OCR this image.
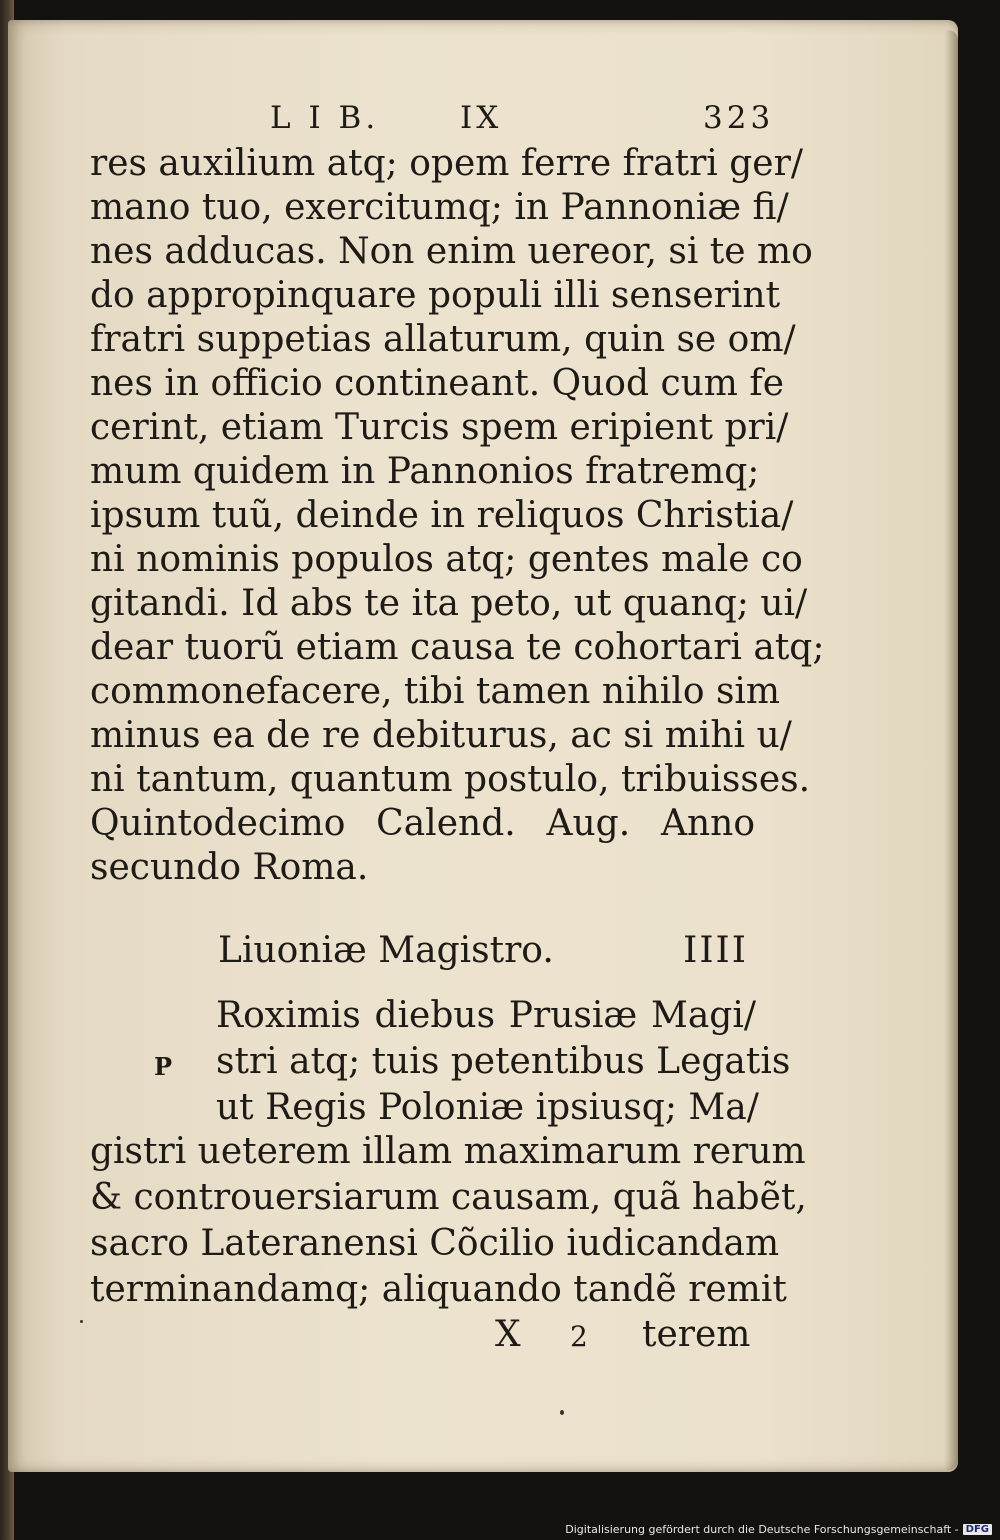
L I B.	IX	323
res auxilium atq; opem ferre fratri ger/
mano tuo, exercitumq; in Pannoniæ fi/
nes adducas. Non enim uereor, si te mo
do appropinquare populi illi senserint
fratri suppetias allaturum, quin se om/
nes in officio contineant. Quod cum fe
cerint, etiam Turcis spem eripient pri/
mum quidem in Pannonios fratremq;
ipsum tuũ, deinde in reliquos Christia/
ni nominis populos atq; gentes male co
gitandi. Id abs te ita peto, ut quanq; ui/
dear tuorũ etiam causa te cohortari atq;
commonefacere, tibi tamen nihilo sim
minus ea de re debiturus, ac si mihi u/
ni tantum, quantum postulo, tribuisses.
Quintodecimo Calend. Aug. Anno
secundo Roma.
Liuoniæ Magistro.	IIII
P
Roximis diebus Prusiæ Magi/
stri atq; tuis petentibus Legatis
ut Regis Poloniæ ipsiusq; Ma/
gistri ueterem illam maximarum rerum
& controuersiarum causam, quã habẽt,
sacro Lateranensi Cõcilio iudicandam
terminandamq; aliquando tandẽ remit
X 2 terem
Digitalisierung gefördert durch die Deutsche Forschungsgemeinschaft - DFG
